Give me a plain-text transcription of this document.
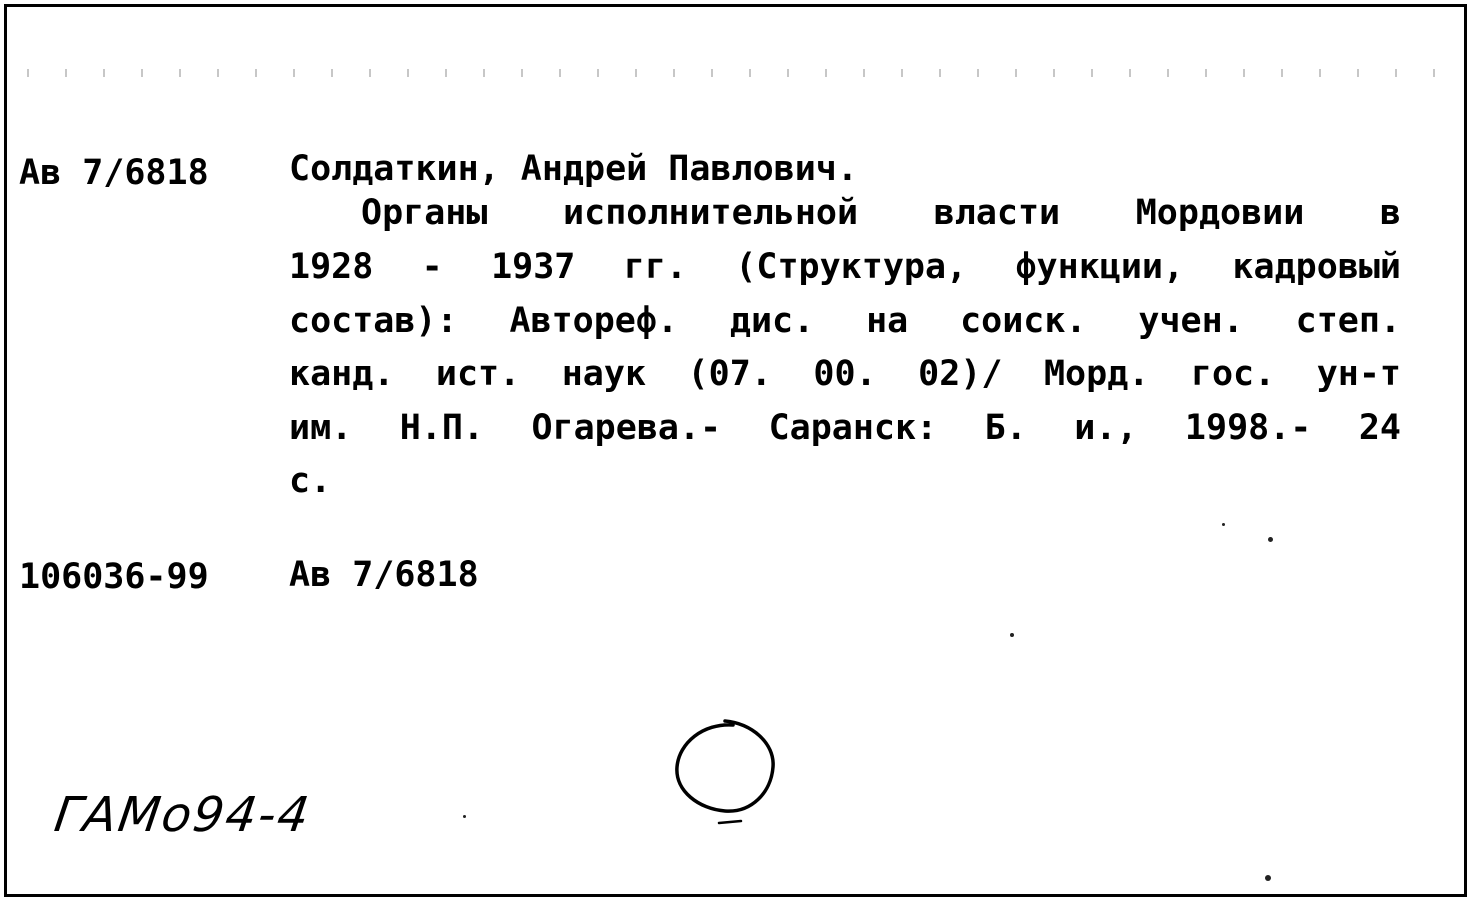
Ав 7/6818 Солдаткин, Андрей Павлович.
Органы исполнительной власти Мордовии в
1928 - 1937 гг. (Структура, функции, кадровый
состав): Автореф. дис. на соиск. учен. степ.
канд. ист. наук (07. 00. 02)/ Морд. гос. ун-т
им. Н.П. Огарева.- Саранск: Б. и., 1998.- 24
с.
106036-99 Ав 7/6818
ГАМо94-4
